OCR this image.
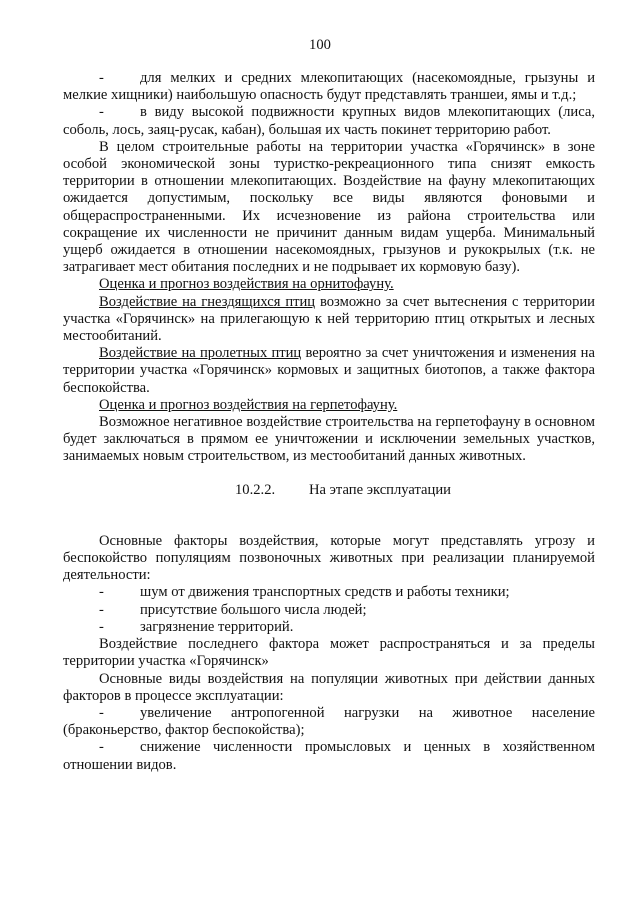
100

- для мелких и средних млекопитающих (насекомоядные, грызуны и мелкие хищники) наибольшую опасность будут представлять траншеи, ямы и т.д.;

- в виду высокой подвижности крупных видов млекопитающих (лиса, соболь, лось, заяц-русак, кабан), большая их часть покинет территорию работ.

В целом строительные работы на территории участка «Горячинск» в зоне особой экономической зоны туристко-рекреационного типа снизят емкость территории в отношении млекопитающих. Воздействие на фауну млекопитающих ожидается допустимым, поскольку все виды являются фоновыми и общераспространенными. Их исчезновение из района строительства или сокращение их численности не причинит данным видам ущерба. Минимальный ущерб ожидается в отношении насекомоядных, грызунов и рукокрылых (т.к. не затрагивает мест обитания последних и не подрывает их кормовую базу).

Оценка и прогноз воздействия на орнитофауну.

Воздействие на гнездящихся птиц возможно за счет вытеснения с территории участка «Горячинск» на прилегающую к ней территорию птиц открытых и лесных местообитаний.

Воздействие на пролетных птиц вероятно за счет уничтожения и изменения на территории участка «Горячинск» кормовых и защитных биотопов, а также фактора беспокойства.

Оценка и прогноз воздействия на герпетофауну.

Возможное негативное воздействие строительства на герпетофауну в основном будет заключаться в прямом ее уничтожении и исключении земельных участков, занимаемых новым строительством, из местообитаний данных животных.

10.2.2. На этапе эксплуатации

Основные факторы воздействия, которые могут представлять угрозу и беспокойство популяциям позвоночных животных при реализации планируемой деятельности:

- шум от движения транспортных средств и работы техники;

- присутствие большого числа людей;

- загрязнение территорий.

Воздействие последнего фактора может распространяться и за пределы территории участка «Горячинск»

Основные виды воздействия на популяции животных при действии данных факторов в процессе эксплуатации:

- увеличение антропогенной нагрузки на животное население (браконьерство, фактор беспокойства);

- снижение численности промысловых и ценных в хозяйственном отношении видов.
